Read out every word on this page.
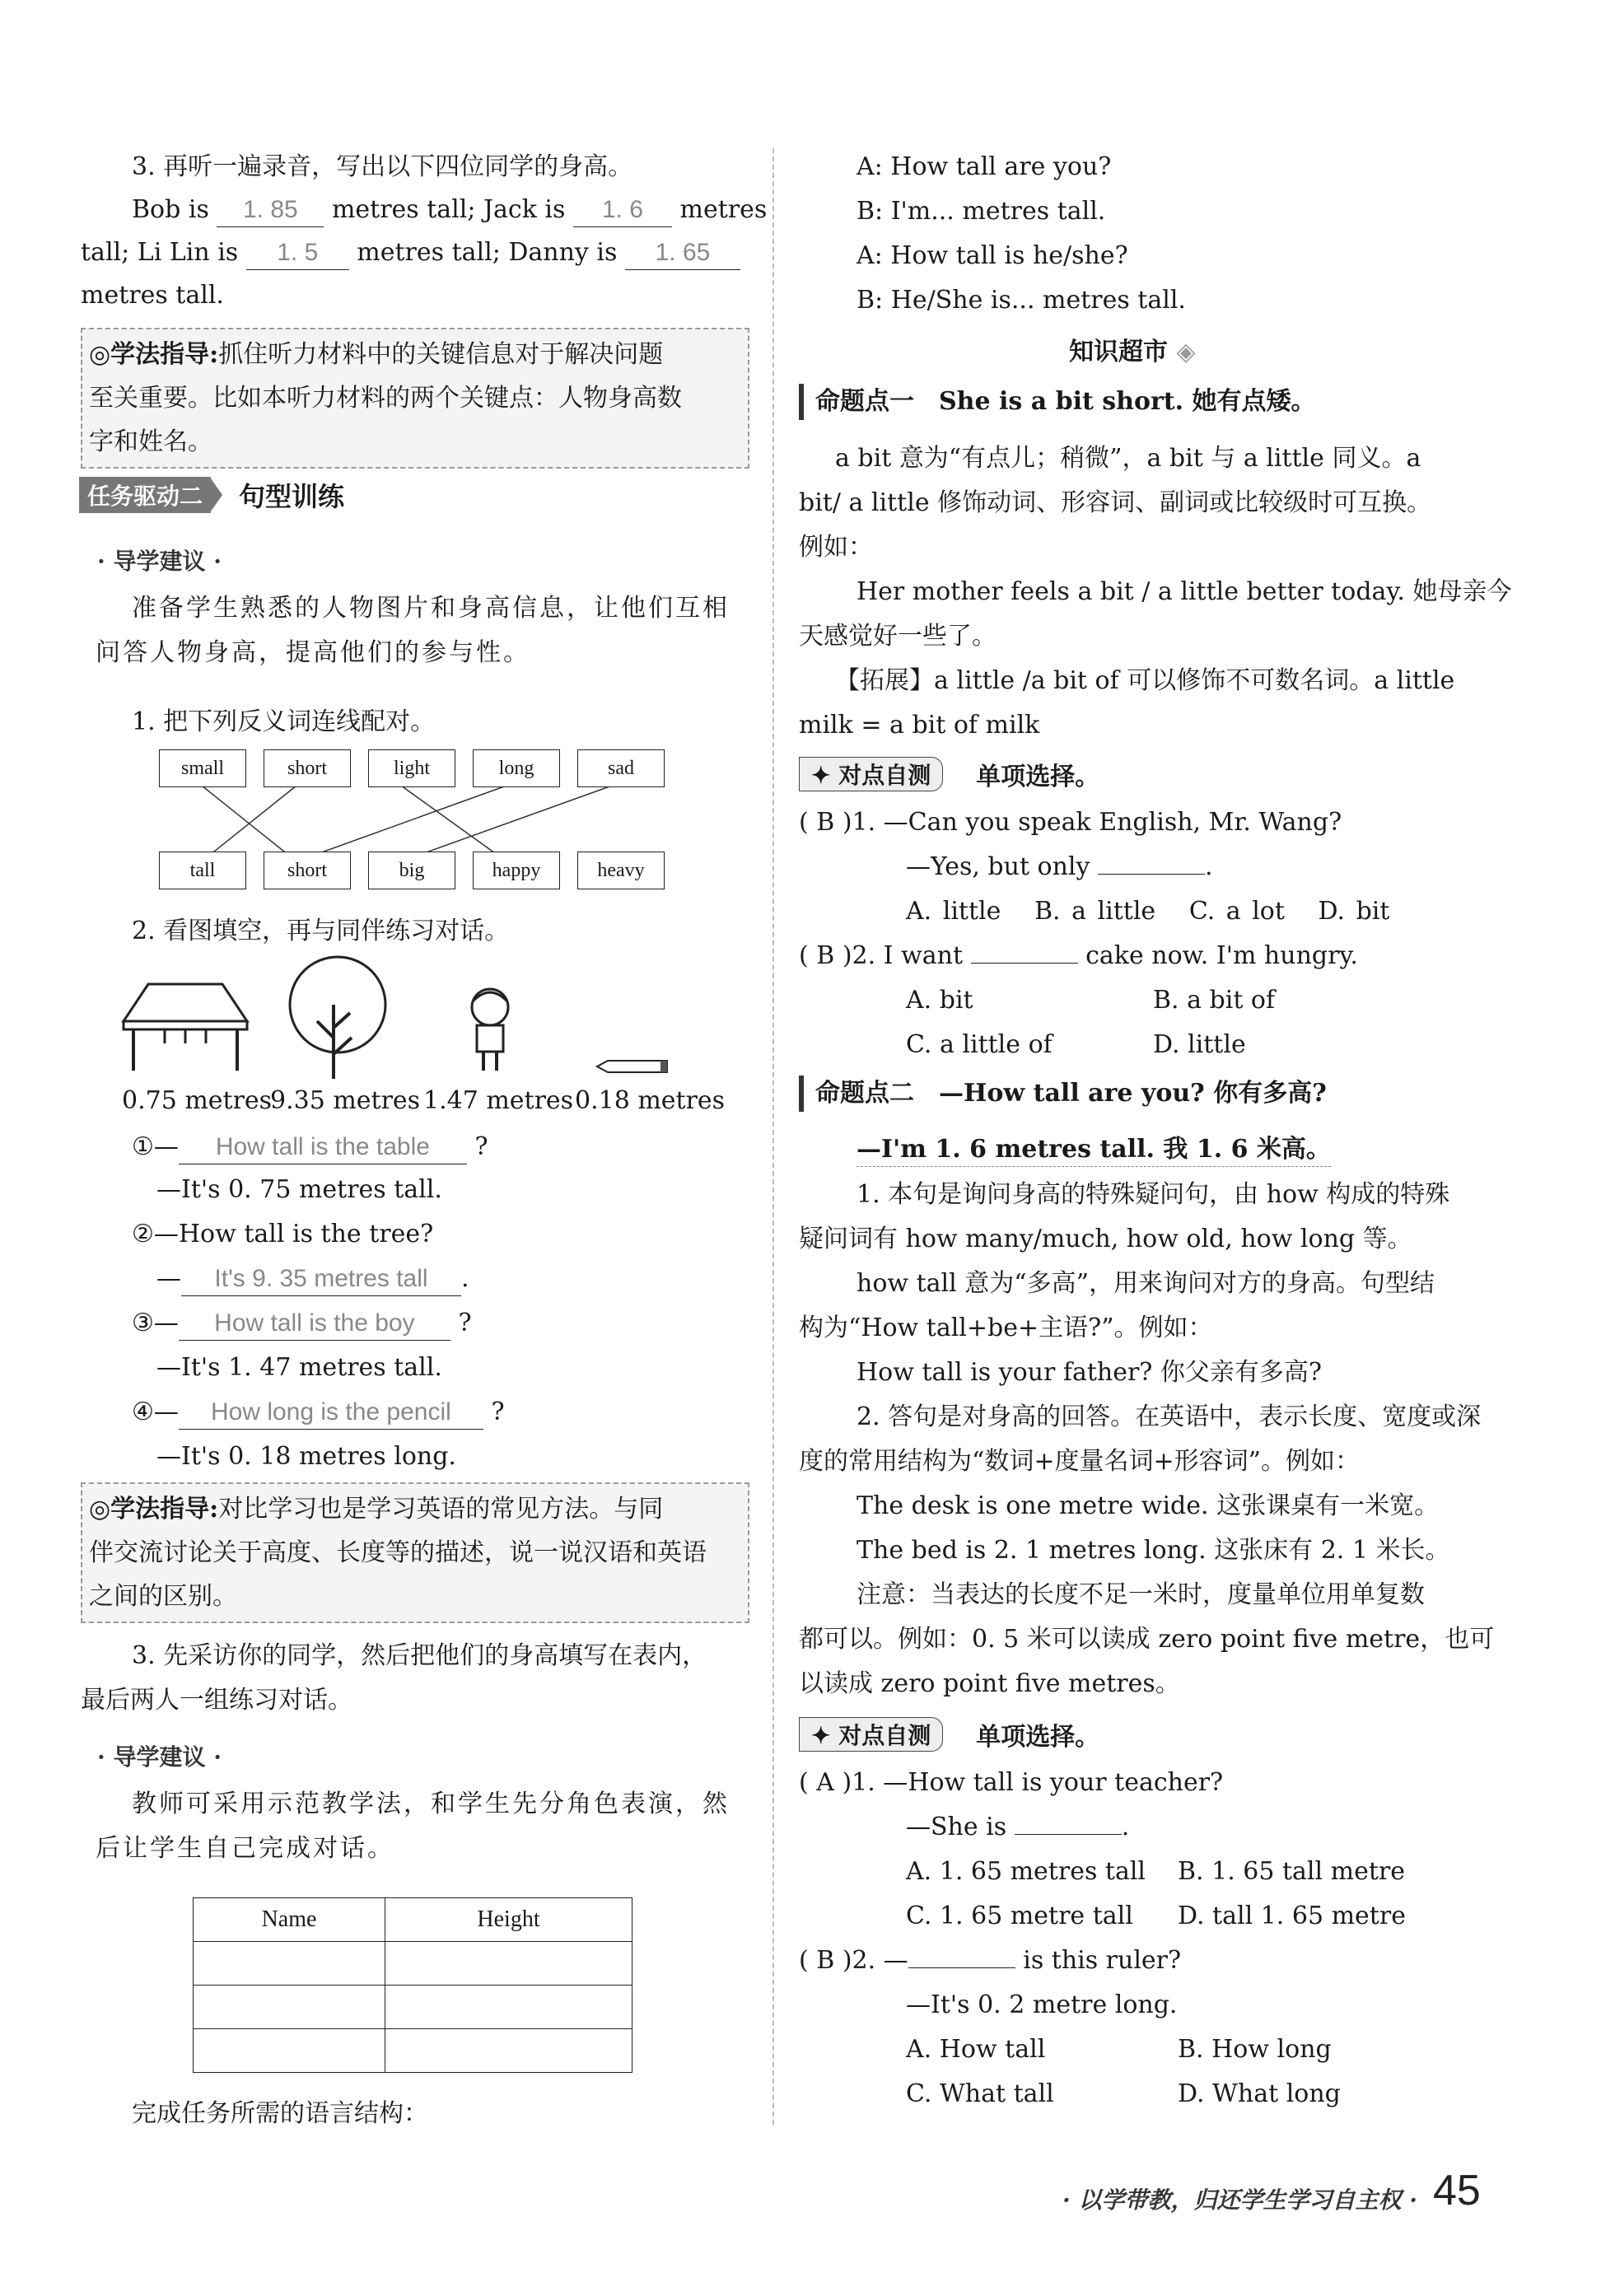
3. 再听一遍录音，写出以下四位同学的身高。
Bob is 1. 85 metres tall; Jack is 1. 6 metres
tall; Li Lin is 1. 5 metres tall; Danny is 1. 65
metres tall.
◎学法指导:抓住听力材料中的关键信息对于解决问题
至关重要。比如本听力材料的两个关键点：人物身高数
字和姓名。
任务驱动二	句型训练
· 导学建议 ·
准备学生熟悉的人物图片和身高信息，让他们互相
问答人物身高，提高他们的参与性。
1. 把下列反义词连线配对。
small	short	light	long	sad
tall	short	big	happy	heavy
2. 看图填空，再与同伴练习对话。
0.75 metres
9.35 metres 1.47 metres 0.18 metres
①— How tall is the table ?
—It's 0. 75 metres tall.
②—How tall is the tree?
— It's 9. 35 metres tall .
③— How tall is the boy ?
—It's 1. 47 metres tall.
④— How long is the pencil ?
—It's 0. 18 metres long.
◎学法指导:对比学习也是学习英语的常见方法。与同
伴交流讨论关于高度、长度等的描述，说一说汉语和英语
之间的区别。
3. 先采访你的同学，然后把他们的身高填写在表内，
最后两人一组练习对话。
· 导学建议 ·
教师可采用示范教学法，和学生先分角色表演，然
后让学生自己完成对话。
Name	Height

完成任务所需的语言结构：
A: How tall are you?
B: I'm... metres tall.
A: How tall is he/she?
B: He/She is... metres tall.
知识超市 ◈
命题点一　She is a bit short. 她有点矮。
a bit 意为“有点儿；稍微”，a bit 与 a little 同义。a
bit/ a little 修饰动词、形容词、副词或比较级时可互换。
例如：
Her mother feels a bit / a little better today. 她母亲今
天感觉好一些了。
【拓展】a little /a bit of 可以修饰不可数名词。a little
milk = a bit of milk
✦ 对点自测	单项选择。
( B )1. —Can you speak English, Mr. Wang?
—Yes, but only	.
A. little B. a little C. a lot D. bit
( B )2. I want	cake now. I'm hungry.
A. bit	B. a bit of
C. a little of	D. little
命题点二　—How tall are you? 你有多高?
—I'm 1. 6 metres tall. 我 1. 6 米高。
1. 本句是询问身高的特殊疑问句，由 how 构成的特殊
疑问词有 how many/much, how old, how long 等。
how tall 意为“多高”，用来询问对方的身高。句型结
构为“How tall+be+主语?”。例如：
How tall is your father? 你父亲有多高?
2. 答句是对身高的回答。在英语中，表示长度、宽度或深
度的常用结构为“数词+度量名词+形容词”。例如：
The desk is one metre wide. 这张课桌有一米宽。
The bed is 2. 1 metres long. 这张床有 2. 1 米长。
注意：当表达的长度不足一米时，度量单位用单复数
都可以。例如：0. 5 米可以读成 zero point five metre，也可
以读成 zero point five metres。
✦ 对点自测	单项选择。
( A )1. —How tall is your teacher?
—She is	.
A. 1. 65 metres tall B. 1. 65 tall metre
C. 1. 65 metre tall D. tall 1. 65 metre
( B )2. —	is this ruler?
—It's 0. 2 metre long.
A. How tall	B. How long
C. What tall	D. What long
· 以学带教，归还学生学习自主权 · 45
